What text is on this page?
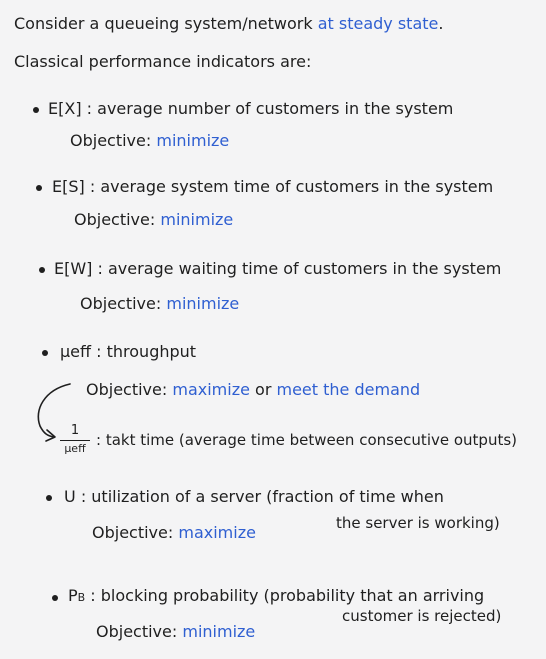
Consider a queueing system/network at steady state.
Classical performance indicators are:
E[X] : average number of customers in the system
Objective: minimize
E[S] : average system time of customers in the system
Objective: minimize
E[W] : average waiting time of customers in the system
Objective: minimize
μeff : throughput
Objective: maximize or meet the demand
1
μeff : takt time (average time between consecutive outputs)
U : utilization of a server (fraction of time when
the server is working)
Objective: maximize
PB : blocking probability (probability that an arriving
customer is rejected)
Objective: minimize
